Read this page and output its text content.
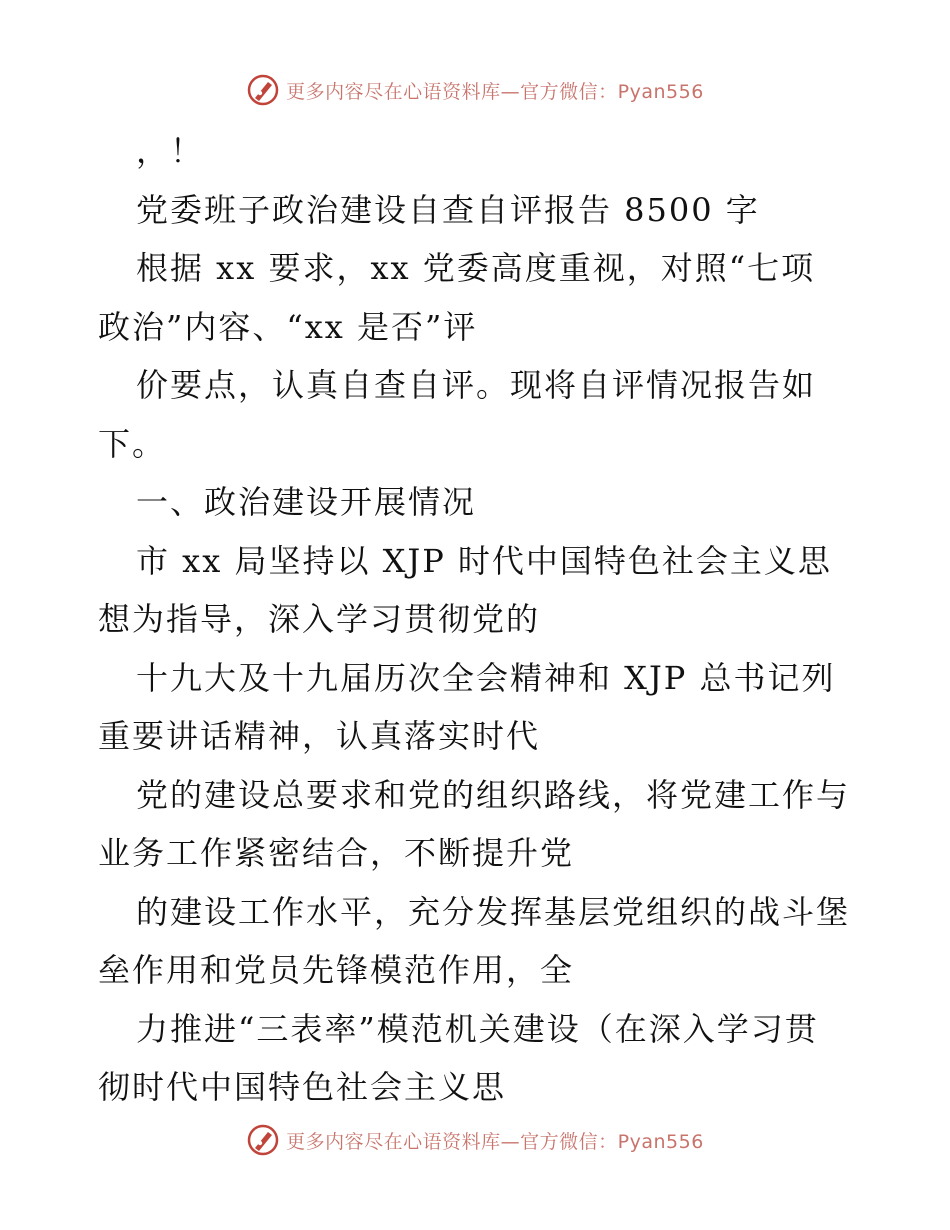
更多内容尽在心语资料库—官方微信：Pyan556
，！
党委班子政治建设自查自评报告 8500 字
根据 xx 要求，xx 党委高度重视，对照“七项
政治”内容、“xx 是否”评
价要点，认真自查自评。现将自评情况报告如
下。
一、政治建设开展情况
市 xx 局坚持以 XJP 时代中国特色社会主义思
想为指导，深入学习贯彻党的
十九大及十九届历次全会精神和 XJP 总书记列
重要讲话精神，认真落实时代
党的建设总要求和党的组织路线，将党建工作与
业务工作紧密结合，不断提升党
的建设工作水平，充分发挥基层党组织的战斗堡
垒作用和党员先锋模范作用，全
力推进“三表率”模范机关建设（在深入学习贯
彻时代中国特色社会主义思
更多内容尽在心语资料库—官方微信：Pyan556
